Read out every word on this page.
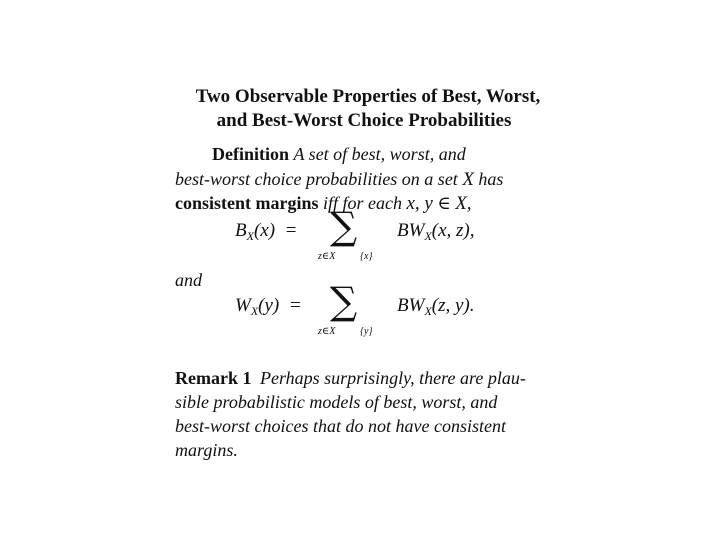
Two Observable Properties of Best, Worst,
and Best-Worst Choice Probabilities
Definition A set of best, worst, and
best-worst choice probabilities on a set X has
consistent margins iff for each x, y ∈ X,
$B_X(x)$ = ∑
z∈X {x}
$BW_X(x$, z),
and
$W_X(y)$ = ∑
z∈X {y}
$BW_X(z$, y).
Remark 1 Perhaps surprisingly, there are plau-
sible probabilistic models of best, worst, and
best-worst choices that do not have consistent
margins.
